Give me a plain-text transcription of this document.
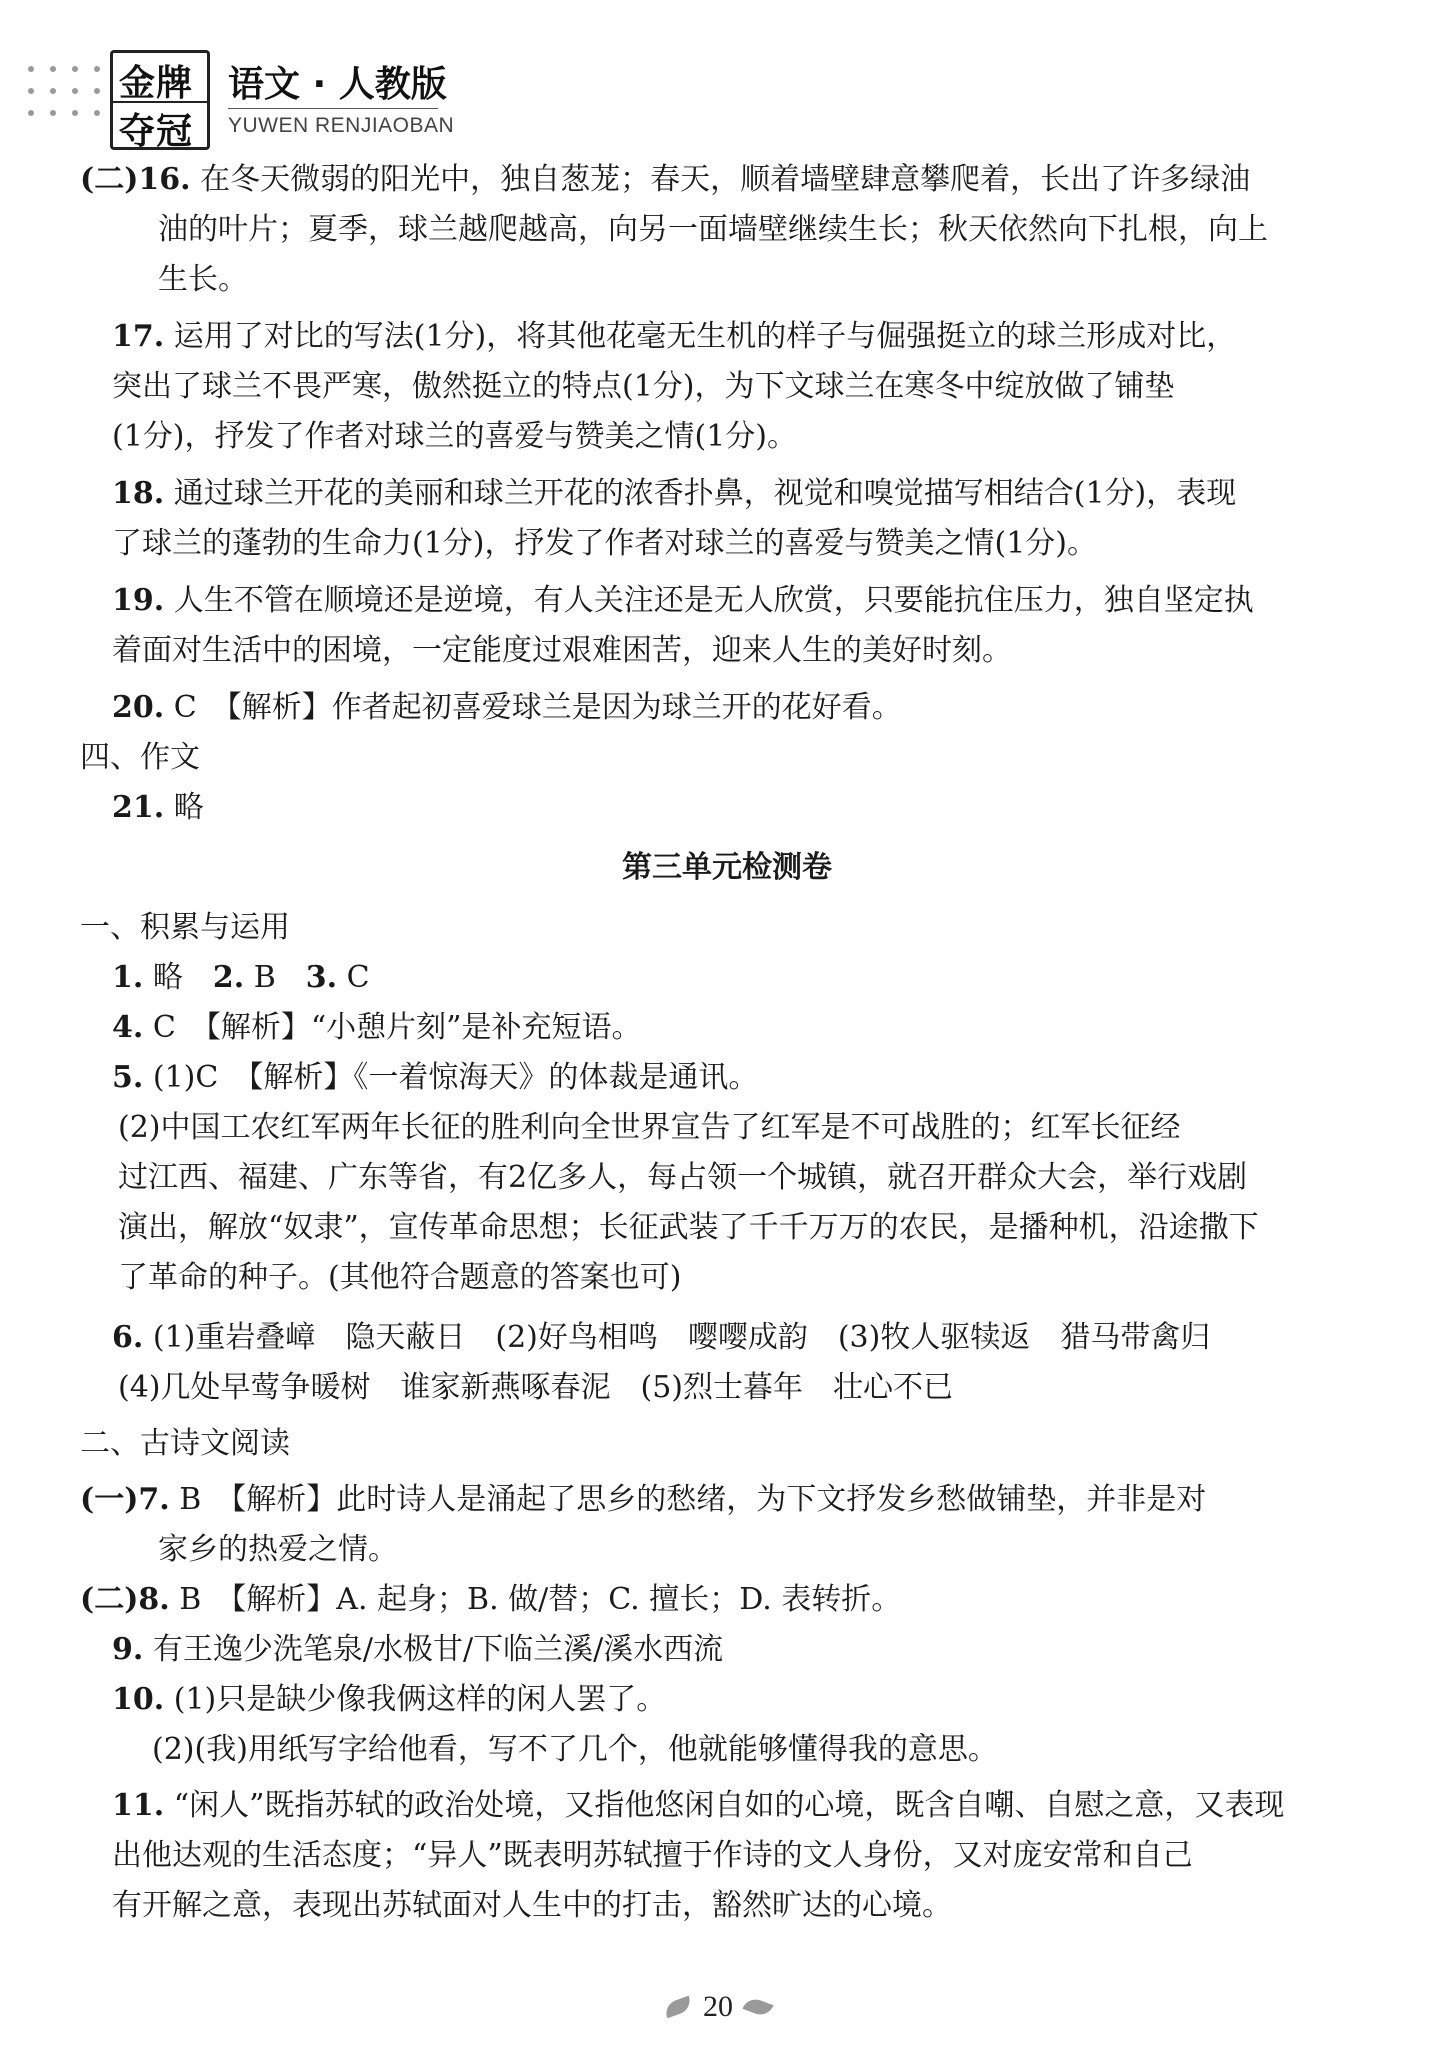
金牌
夺冠
语文 · 人教版
YUWEN RENJIAOBAN
(二)16. 在冬天微弱的阳光中，独自葱茏；春天，顺着墙壁肆意攀爬着，长出了许多绿油
油的叶片；夏季，球兰越爬越高，向另一面墙壁继续生长；秋天依然向下扎根，向上
生长。
17. 运用了对比的写法(1分)，将其他花毫无生机的样子与倔强挺立的球兰形成对比，
突出了球兰不畏严寒，傲然挺立的特点(1分)，为下文球兰在寒冬中绽放做了铺垫
(1分)，抒发了作者对球兰的喜爱与赞美之情(1分)。
18. 通过球兰开花的美丽和球兰开花的浓香扑鼻，视觉和嗅觉描写相结合(1分)，表现
了球兰的蓬勃的生命力(1分)，抒发了作者对球兰的喜爱与赞美之情(1分)。
19. 人生不管在顺境还是逆境，有人关注还是无人欣赏，只要能抗住压力，独自坚定执
着面对生活中的困境，一定能度过艰难困苦，迎来人生的美好时刻。
20. C　【解析】作者起初喜爱球兰是因为球兰开的花好看。
四、作文
21. 略
第三单元检测卷
一、积累与运用
1. 略　2. B　3. C
4. C　【解析】“小憩片刻”是补充短语。
5. (1)C　【解析】《一着惊海天》的体裁是通讯。
(2)中国工农红军两年长征的胜利向全世界宣告了红军是不可战胜的；红军长征经
过江西、福建、广东等省，有2亿多人，每占领一个城镇，就召开群众大会，举行戏剧
演出，解放“奴隶”，宣传革命思想；长征武装了千千万万的农民，是播种机，沿途撒下
了革命的种子。(其他符合题意的答案也可)
6. (1)重岩叠嶂　隐天蔽日　(2)好鸟相鸣　嘤嘤成韵　(3)牧人驱犊返　猎马带禽归
(4)几处早莺争暖树　谁家新燕啄春泥　(5)烈士暮年　壮心不已
二、古诗文阅读
(一)7. B　【解析】此时诗人是涌起了思乡的愁绪，为下文抒发乡愁做铺垫，并非是对
家乡的热爱之情。
(二)8. B　【解析】A. 起身；B. 做/替；C. 擅长；D. 表转折。
9. 有王逸少洗笔泉/水极甘/下临兰溪/溪水西流
10. (1)只是缺少像我俩这样的闲人罢了。
(2)(我)用纸写字给他看，写不了几个，他就能够懂得我的意思。
11. “闲人”既指苏轼的政治处境，又指他悠闲自如的心境，既含自嘲、自慰之意，又表现
出他达观的生活态度；“异人”既表明苏轼擅于作诗的文人身份，又对庞安常和自己
有开解之意，表现出苏轼面对人生中的打击，豁然旷达的心境。
20
